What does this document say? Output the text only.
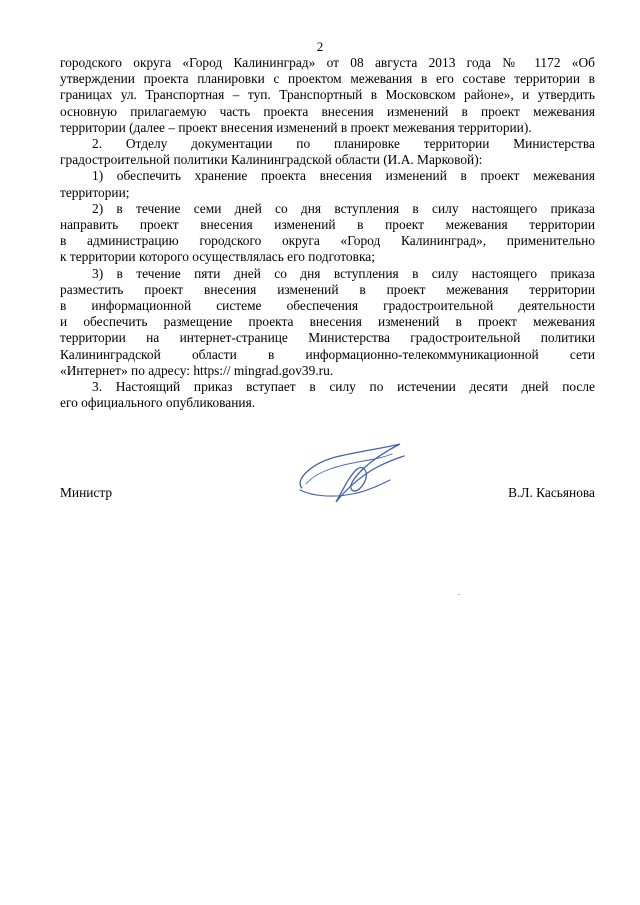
2
городского округа «Город Калининград» от 08 августа 2013 года № 1172 «Об
утверждении проекта планировки с проектом межевания в его составе территории в
границах ул. Транспортная – туп. Транспортный в Московском районе», и утвердить
основную прилагаемую часть проекта внесения изменений в проект межевания
территории (далее – проект внесения изменений в проект межевания территории).
2. Отделу документации по планировке территории Министерства
градостроительной политики Калининградской области (И.А. Марковой):
1) обеспечить хранение проекта внесения изменений в проект межевания
территории;
2) в течение семи дней со дня вступления в силу настоящего приказа
направить проект внесения изменений в проект межевания территории
в администрацию городского округа «Город Калининград», применительно
к территории которого осуществлялась его подготовка;
3) в течение пяти дней со дня вступления в силу настоящего приказа
разместить проект внесения изменений в проект межевания территории
в информационной системе обеспечения градостроительной деятельности
и обеспечить размещение проекта внесения изменений в проект межевания
территории на интернет-странице Министерства градостроительной политики
Калининградской области в информационно-телекоммуникационной сети
«Интернет» по адресу: https:// mingrad.gov39.ru.
3. Настоящий приказ вступает в силу по истечении десяти дней после
его официального опубликования.
Министр	В.Л. Касьянова
